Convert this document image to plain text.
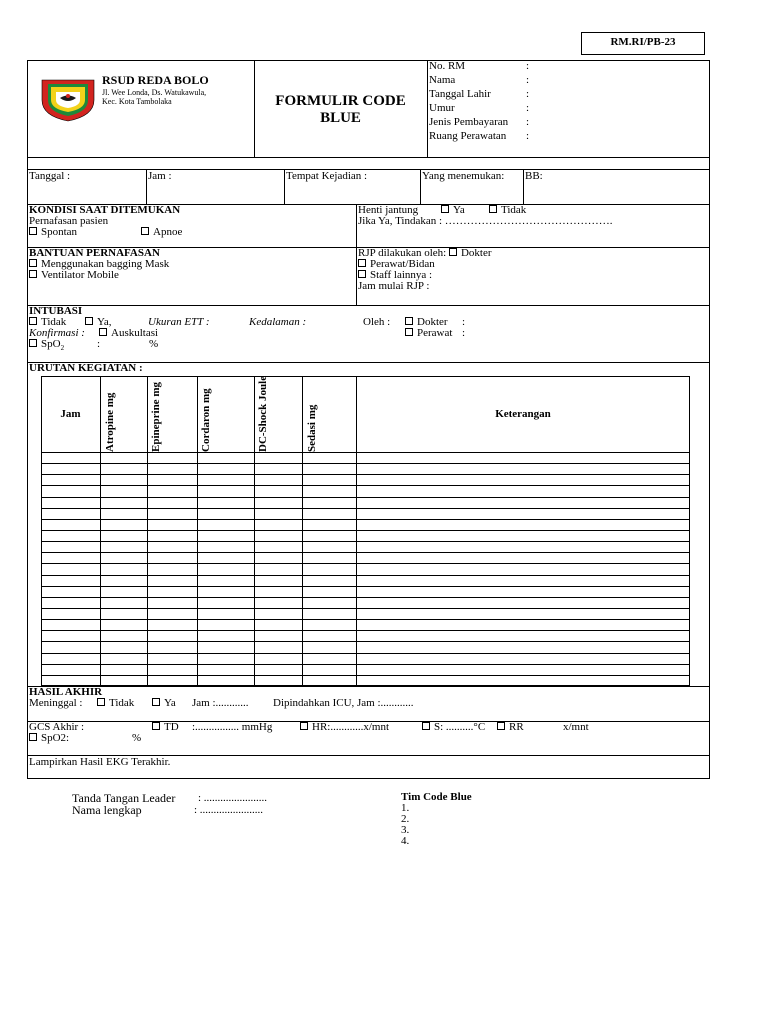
RM.RI/PB-23
RSUD REDA BOLO
Jl. Wee Londa, Ds. Watukawula,
Kec. Kota Tambolaka	FORMULIR CODE
BLUE
No. RM	:
Nama	:
Tanggal Lahir	:
Umur	:
Jenis Pembayaran :
Ruang Perawatan :
Tanggal :	Jam :	Tempat Kejadian :	Yang menemukan: BB:
KONDISI SAAT DITEMUKAN
Pernafasan pasien
Spontan	Apnoe
Henti jantung	Ya	Tidak
Jika Ya, Tindakan : ……………………………………….
BANTUAN PERNAFASAN
Menggunakan bagging Mask
Ventilator Mobile
RJP dilakukan oleh: Dokter
Perawat/Bidan
Staff lainnya :
Jam mulai RJP :
INTUBASI
Tidak	Ya,	Ukuran ETT :	Kedalaman :	Oleh :	Dokter :
Konfirmasi :	Auskultasi	Perawat :
SpO$_2$	:	%
URUTAN KEGIATAN :
Jam	Atropine mg	Epineprine mg	Cordaron mg	DC-Shock Joule	Sedasi mg	Keterangan
HASIL AKHIR
Meninggal :	Tidak	Ya Jam :............ Dipindahkan ICU, Jam :............
GCS Akhir :	TD :................ mmHg	HR:............x/mnt	S: ..........°C	RR	x/mnt
SpO2:	%
Lampirkan Hasil EKG Terakhir.
Tanda Tangan Leader : .......................
Nama lengkap	: .......................
Tim Code Blue
1.
2.
3.
4.
